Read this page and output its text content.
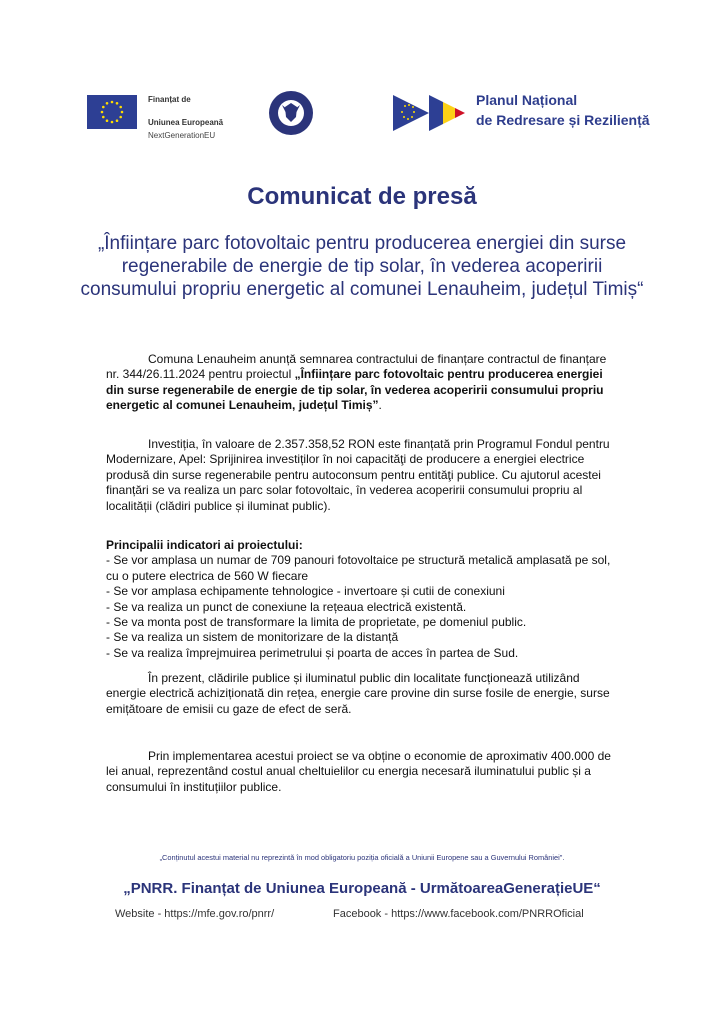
Finanțat de
Uniunea Europeană
NextGenerationEU
Planul Național
de Redresare și Reziliență
Comunicat de presă
„Înființare parc fotovoltaic pentru producerea energiei din surse regenerabile de energie de tip solar, în vederea acoperirii consumului propriu energetic al comunei Lenauheim, județul Timiș“

Comuna Lenauheim anunță semnarea contractului de finanțare contractul de finanțare nr. 344/26.11.2024 pentru proiectul „Înființare parc fotovoltaic pentru producerea energiei din surse regenerabile de energie de tip solar, în vederea acoperirii consumului propriu energetic al comunei Lenauheim, județul Timiș”.

Investiția, în valoare de 2.357.358,52 RON este finanțată prin Programul Fondul pentru Modernizare, Apel: Sprijinirea investiților în noi capacităţi de producere a energiei electrice produsă din surse regenerabile pentru autoconsum pentru entităţi publice. Cu ajutorul acestei finanțări se va realiza un parc solar fotovoltaic, în vederea acoperirii consumului propriu al localității (clădiri publice și iluminat public).

Principalii indicatori ai proiectului:
- Se vor amplasa un numar de 709 panouri fotovoltaice pe structură metalică amplasată pe sol, cu o putere electrica de 560 W fiecare
- Se vor amplasa echipamente tehnologice - invertoare și cutii de conexiuni
- Se va realiza un punct de conexiune la rețeaua electrică existentă.
- Se va monta post de transformare la limita de proprietate, pe domeniul public.
- Se va realiza un sistem de monitorizare de la distanță
- Se va realiza împrejmuirea perimetrului și poarta de acces în partea de Sud.

În prezent, clădirile publice și iluminatul public din localitate funcționează utilizând energie electrică achiziționată din rețea, energie care provine din surse fosile de energie, surse emițătoare de emisii cu gaze de efect de seră.

Prin implementarea acestui proiect se va obține o economie de aproximativ 400.000 de lei anual, reprezentând costul anual cheltuielilor cu energia necesară iluminatului public și a consumului în instituțiilor publice.

„Conținutul acestui material nu reprezintă în mod obligatoriu poziția oficială a Uniunii Europene sau a Guvernului României".
„PNRR. Finanțat de Uniunea Europeană - UrmătoareaGenerațieUE“
Website - https://mfe.gov.ro/pnrr/	Facebook - https://www.facebook.com/PNRROficial
